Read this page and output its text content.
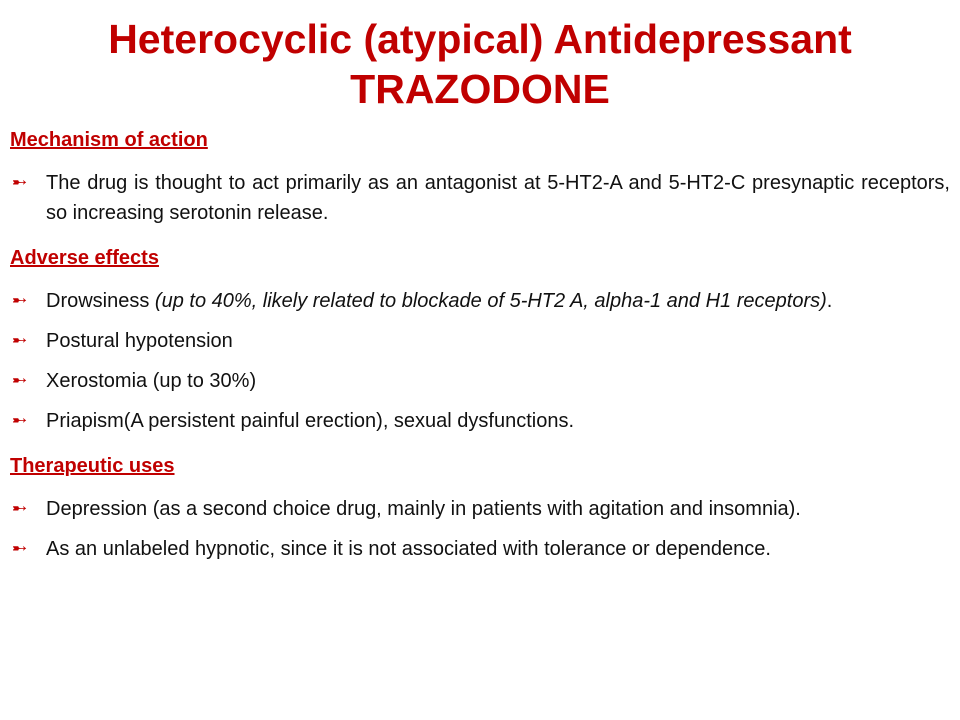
Heterocyclic (atypical) Antidepressant
TRAZODONE
Mechanism of action
➸ The drug is thought to act primarily as an antagonist at 5-HT2-A and 5-HT2-C presynaptic receptors, so increasing serotonin release.
Adverse effects
➸ Drowsiness (up to 40%, likely related to blockade of 5-HT2 A, alpha-1 and H1 receptors).
➸ Postural hypotension
➸ Xerostomia (up to 30%)
➸ Priapism(A persistent painful erection), sexual dysfunctions.
Therapeutic uses
➸ Depression (as a second choice drug, mainly in patients with agitation and insomnia).
➸ As an unlabeled hypnotic, since it is not associated with tolerance or dependence.
